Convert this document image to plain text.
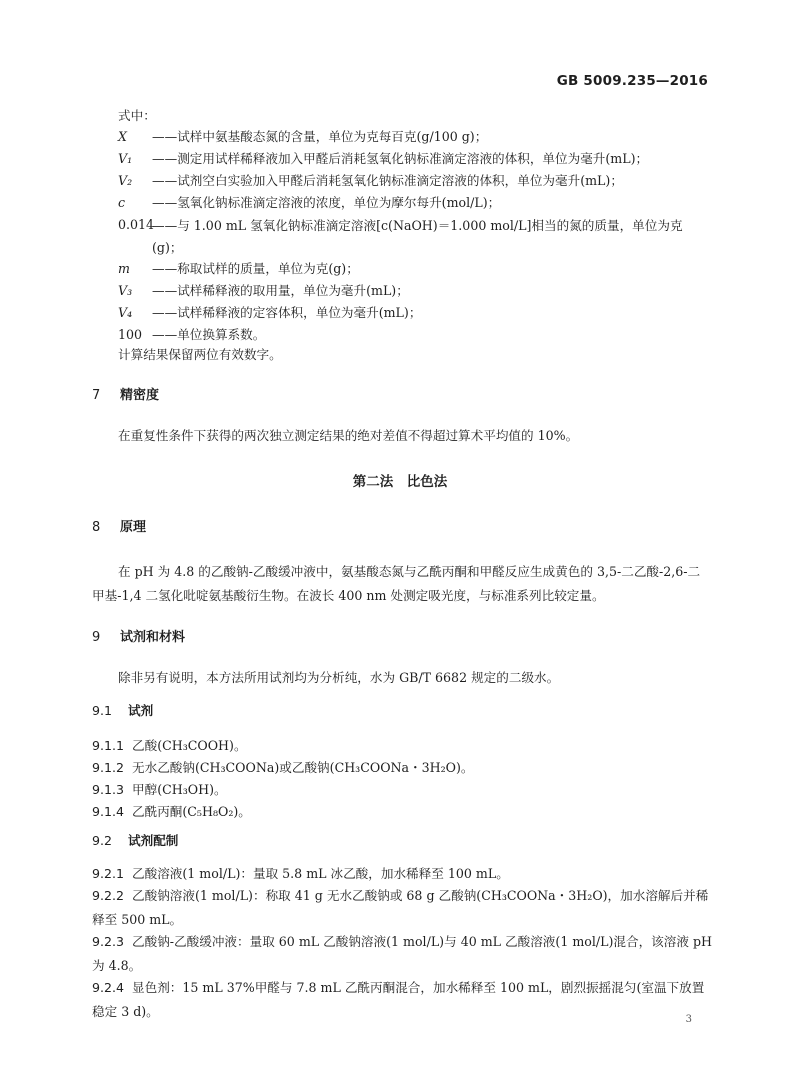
GB 5009.235—2016
式中：
X ——试样中氨基酸态氮的含量，单位为克每百克(g/100 g)；
V₁ ——测定用试样稀释液加入甲醛后消耗氢氧化钠标准滴定溶液的体积，单位为毫升(mL)；
V₂ ——试剂空白实验加入甲醛后消耗氢氧化钠标准滴定溶液的体积，单位为毫升(mL)；
c ——氢氧化钠标准滴定溶液的浓度，单位为摩尔每升(mol/L)；
0.014
——与 1.00 mL 氢氧化钠标准滴定溶液[c(NaOH)＝1.000 mol/L]相当的氮的质量，单位为克(g)；
m ——称取试样的质量，单位为克(g)；
V₃ ——试样稀释液的取用量，单位为毫升(mL)；
V₄ ——试样稀释液的定容体积，单位为毫升(mL)；
100 ——单位换算系数。
计算结果保留两位有效数字。
7 精密度
在重复性条件下获得的两次独立测定结果的绝对差值不得超过算术平均值的 10%。
第二法　比色法
8 原理
在 pH 为 4.8 的乙酸钠-乙酸缓冲液中，氨基酸态氮与乙酰丙酮和甲醛反应生成黄色的 3,5-二乙酸-2,6-二甲基-1,4 二氢化吡啶氨基酸衍生物。在波长 400 nm 处测定吸光度，与标准系列比较定量。
9 试剂和材料
除非另有说明，本方法所用试剂均为分析纯，水为 GB/T 6682 规定的二级水。
9.1 试剂
9.1.1 乙酸(CH₃COOH)。
9.1.2 无水乙酸钠(CH₃COONa)或乙酸钠(CH₃COONa・3H₂O)。
9.1.3 甲醇(CH₃OH)。
9.1.4 乙酰丙酮(C₅H₈O₂)。
9.2 试剂配制
9.2.1 乙酸溶液(1 mol/L)：量取 5.8 mL 冰乙酸，加水稀释至 100 mL。
9.2.2 乙酸钠溶液(1 mol/L)：称取 41 g 无水乙酸钠或 68 g 乙酸钠(CH₃COONa・3H₂O)，加水溶解后并稀释至 500 mL。
9.2.3 乙酸钠-乙酸缓冲液：量取 60 mL 乙酸钠溶液(1 mol/L)与 40 mL 乙酸溶液(1 mol/L)混合，该溶液 pH 为 4.8。
9.2.4 显色剂：15 mL 37%甲醛与 7.8 mL 乙酰丙酮混合，加水稀释至 100 mL，剧烈振摇混匀(室温下放置稳定 3 d)。
3
